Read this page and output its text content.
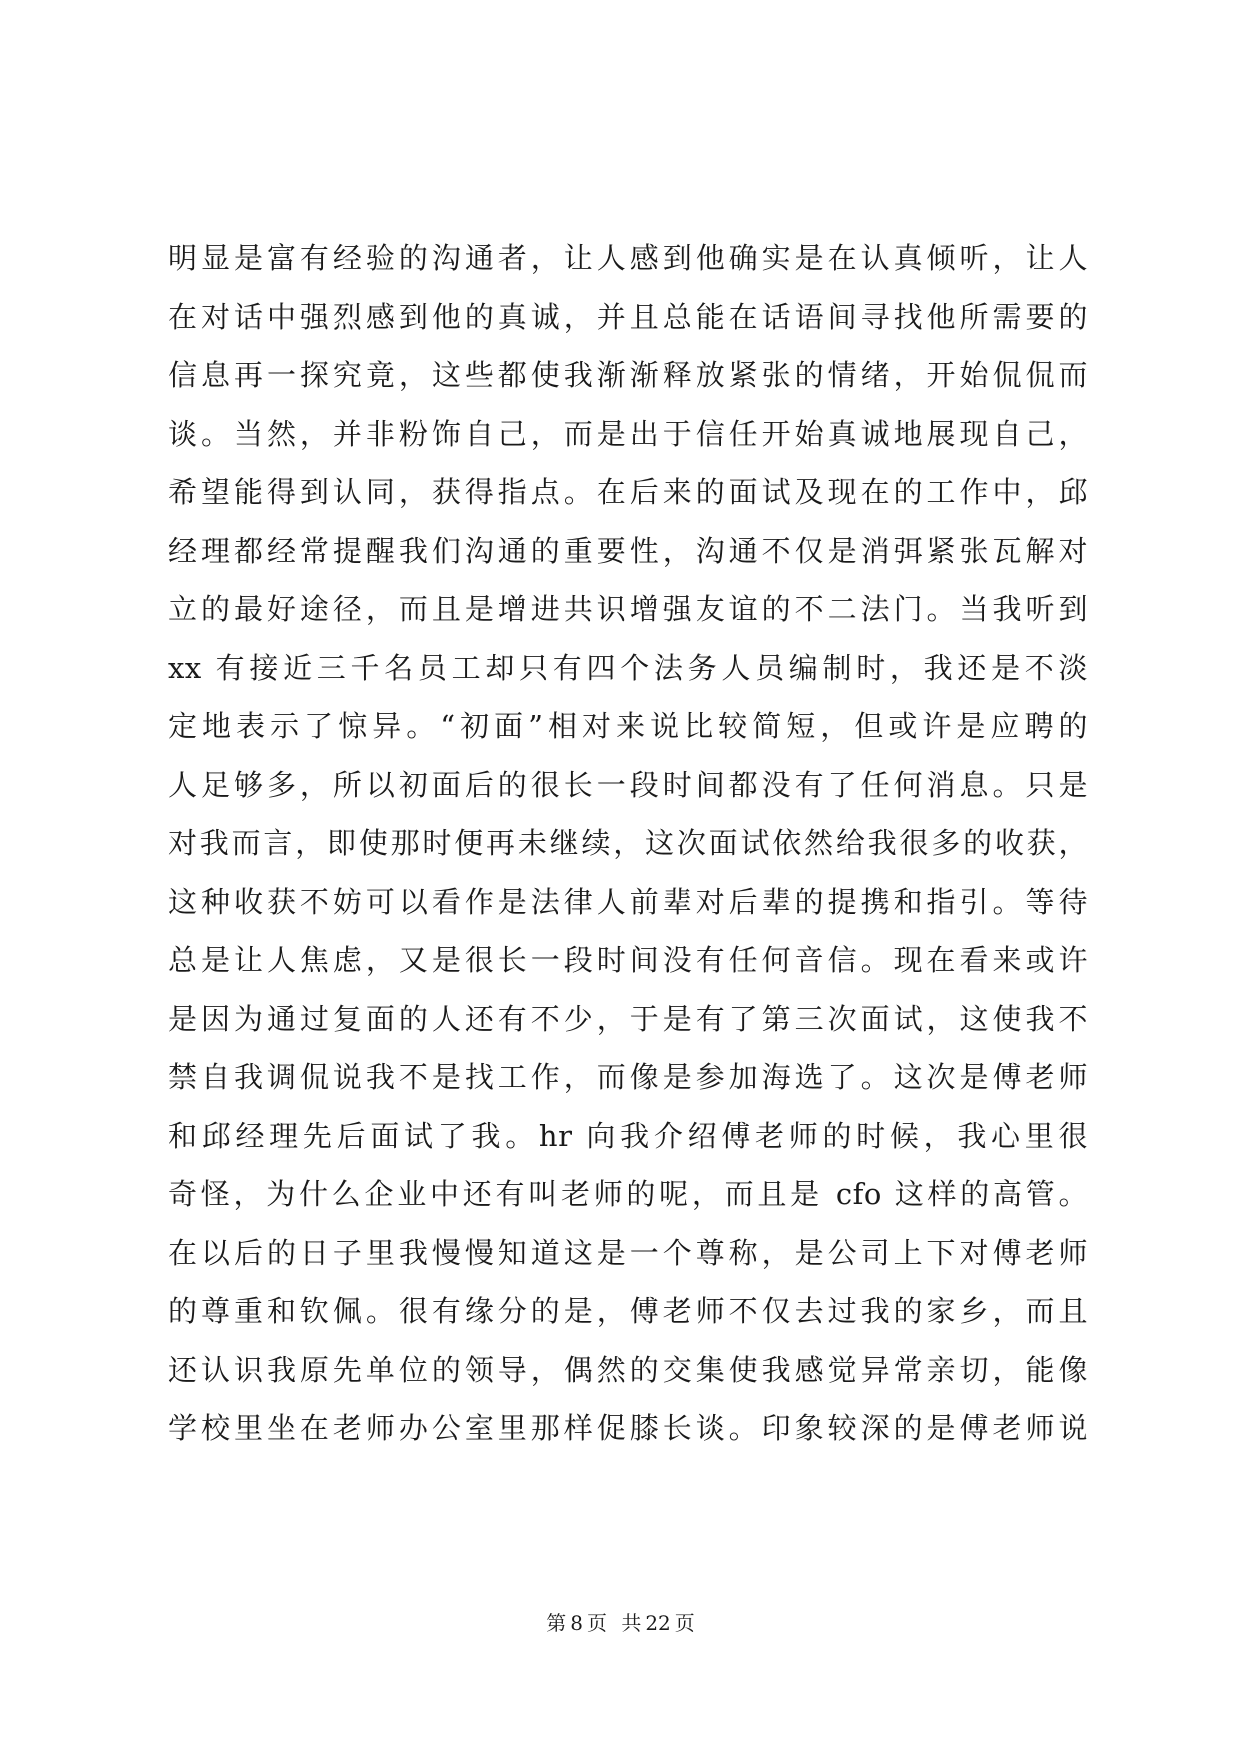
明显是富有经验的沟通者，让人感到他确实是在认真倾听，让人
在对话中强烈感到他的真诚，并且总能在话语间寻找他所需要的
信息再一探究竟，这些都使我渐渐释放紧张的情绪，开始侃侃而
谈。当然，并非粉饰自己，而是出于信任开始真诚地展现自己，
希望能得到认同，获得指点。在后来的面试及现在的工作中，邱
经理都经常提醒我们沟通的重要性，沟通不仅是消弭紧张瓦解对
立的最好途径，而且是增进共识增强友谊的不二法门。当我听到
xx 有接近三千名员工却只有四个法务人员编制时，我还是不淡
定地表示了惊异。“初面”相对来说比较简短，但或许是应聘的
人足够多，所以初面后的很长一段时间都没有了任何消息。只是
对我而言，即使那时便再未继续，这次面试依然给我很多的收获，
这种收获不妨可以看作是法律人前辈对后辈的提携和指引。等待
总是让人焦虑，又是很长一段时间没有任何音信。现在看来或许
是因为通过复面的人还有不少，于是有了第三次面试，这使我不
禁自我调侃说我不是找工作，而像是参加海选了。这次是傅老师
和邱经理先后面试了我。hr 向我介绍傅老师的时候，我心里很
奇怪，为什么企业中还有叫老师的呢，而且是 cfo 这样的高管。
在以后的日子里我慢慢知道这是一个尊称，是公司上下对傅老师
的尊重和钦佩。很有缘分的是，傅老师不仅去过我的家乡，而且
还认识我原先单位的领导，偶然的交集使我感觉异常亲切，能像
学校里坐在老师办公室里那样促膝长谈。印象较深的是傅老师说
第 8 页 共 22 页
